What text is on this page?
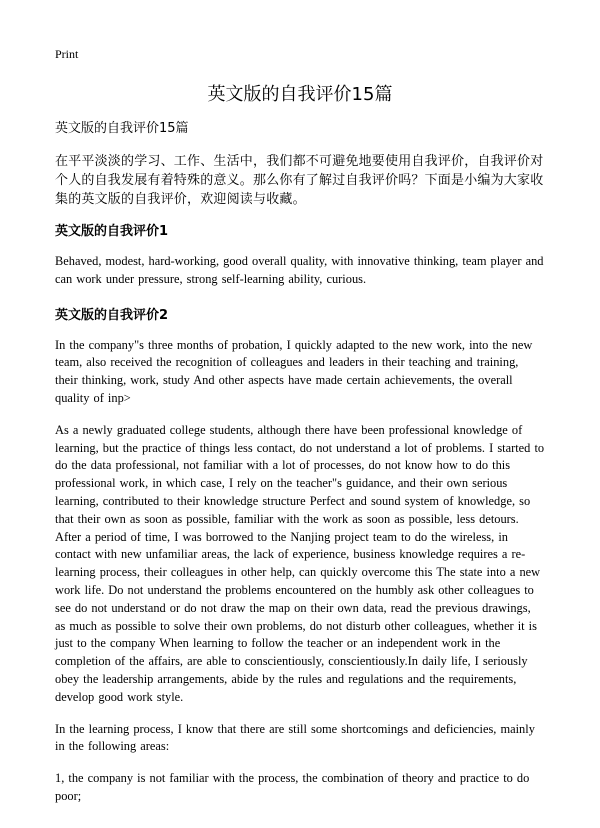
Print
英文版的自我评价15篇

英文版的自我评价15篇

在平平淡淡的学习、工作、生活中，我们都不可避免地要使用自我评价，自我评价对个人的自我发展有着特殊的意义。那么你有了解过自我评价吗？下面是小编为大家收集的英文版的自我评价，欢迎阅读与收藏。

英文版的自我评价1

Behaved, modest, hard-working, good overall quality, with innovative thinking, team player and can work under pressure, strong self-learning ability, curious.

英文版的自我评价2

In the company"s three months of probation, I quickly adapted to the new work, into the new team, also received the recognition of colleagues and leaders in their teaching and training, their thinking, work, study And other aspects have made certain achievements, the overall quality of inp>

As a newly graduated college students, although there have been professional knowledge of learning, but the practice of things less contact, do not understand a lot of problems. I started to do the data professional, not familiar with a lot of processes, do not know how to do this professional work, in which case, I rely on the teacher"s guidance, and their own serious learning, contributed to their knowledge structure Perfect and sound system of knowledge, so that their own as soon as possible, familiar with the work as soon as possible, less detours. After a period of time, I was borrowed to the Nanjing project team to do the wireless, in contact with new unfamiliar areas, the lack of experience, business knowledge requires a re-learning process, their colleagues in other help, can quickly overcome this The state into a new work life. Do not understand the problems encountered on the humbly ask other colleagues to see do not understand or do not draw the map on their own data, read the previous drawings, as much as possible to solve their own problems, do not disturb other colleagues, whether it is just to the company When learning to follow the teacher or an independent work in the completion of the affairs, are able to conscientiously, conscientiously.In daily life, I seriously obey the leadership arrangements, abide by the rules and regulations and the requirements, develop good work style.

In the learning process, I know that there are still some shortcomings and deficiencies, mainly in the following areas:

1, the company is not familiar with the process, the combination of theory and practice to do poor;
